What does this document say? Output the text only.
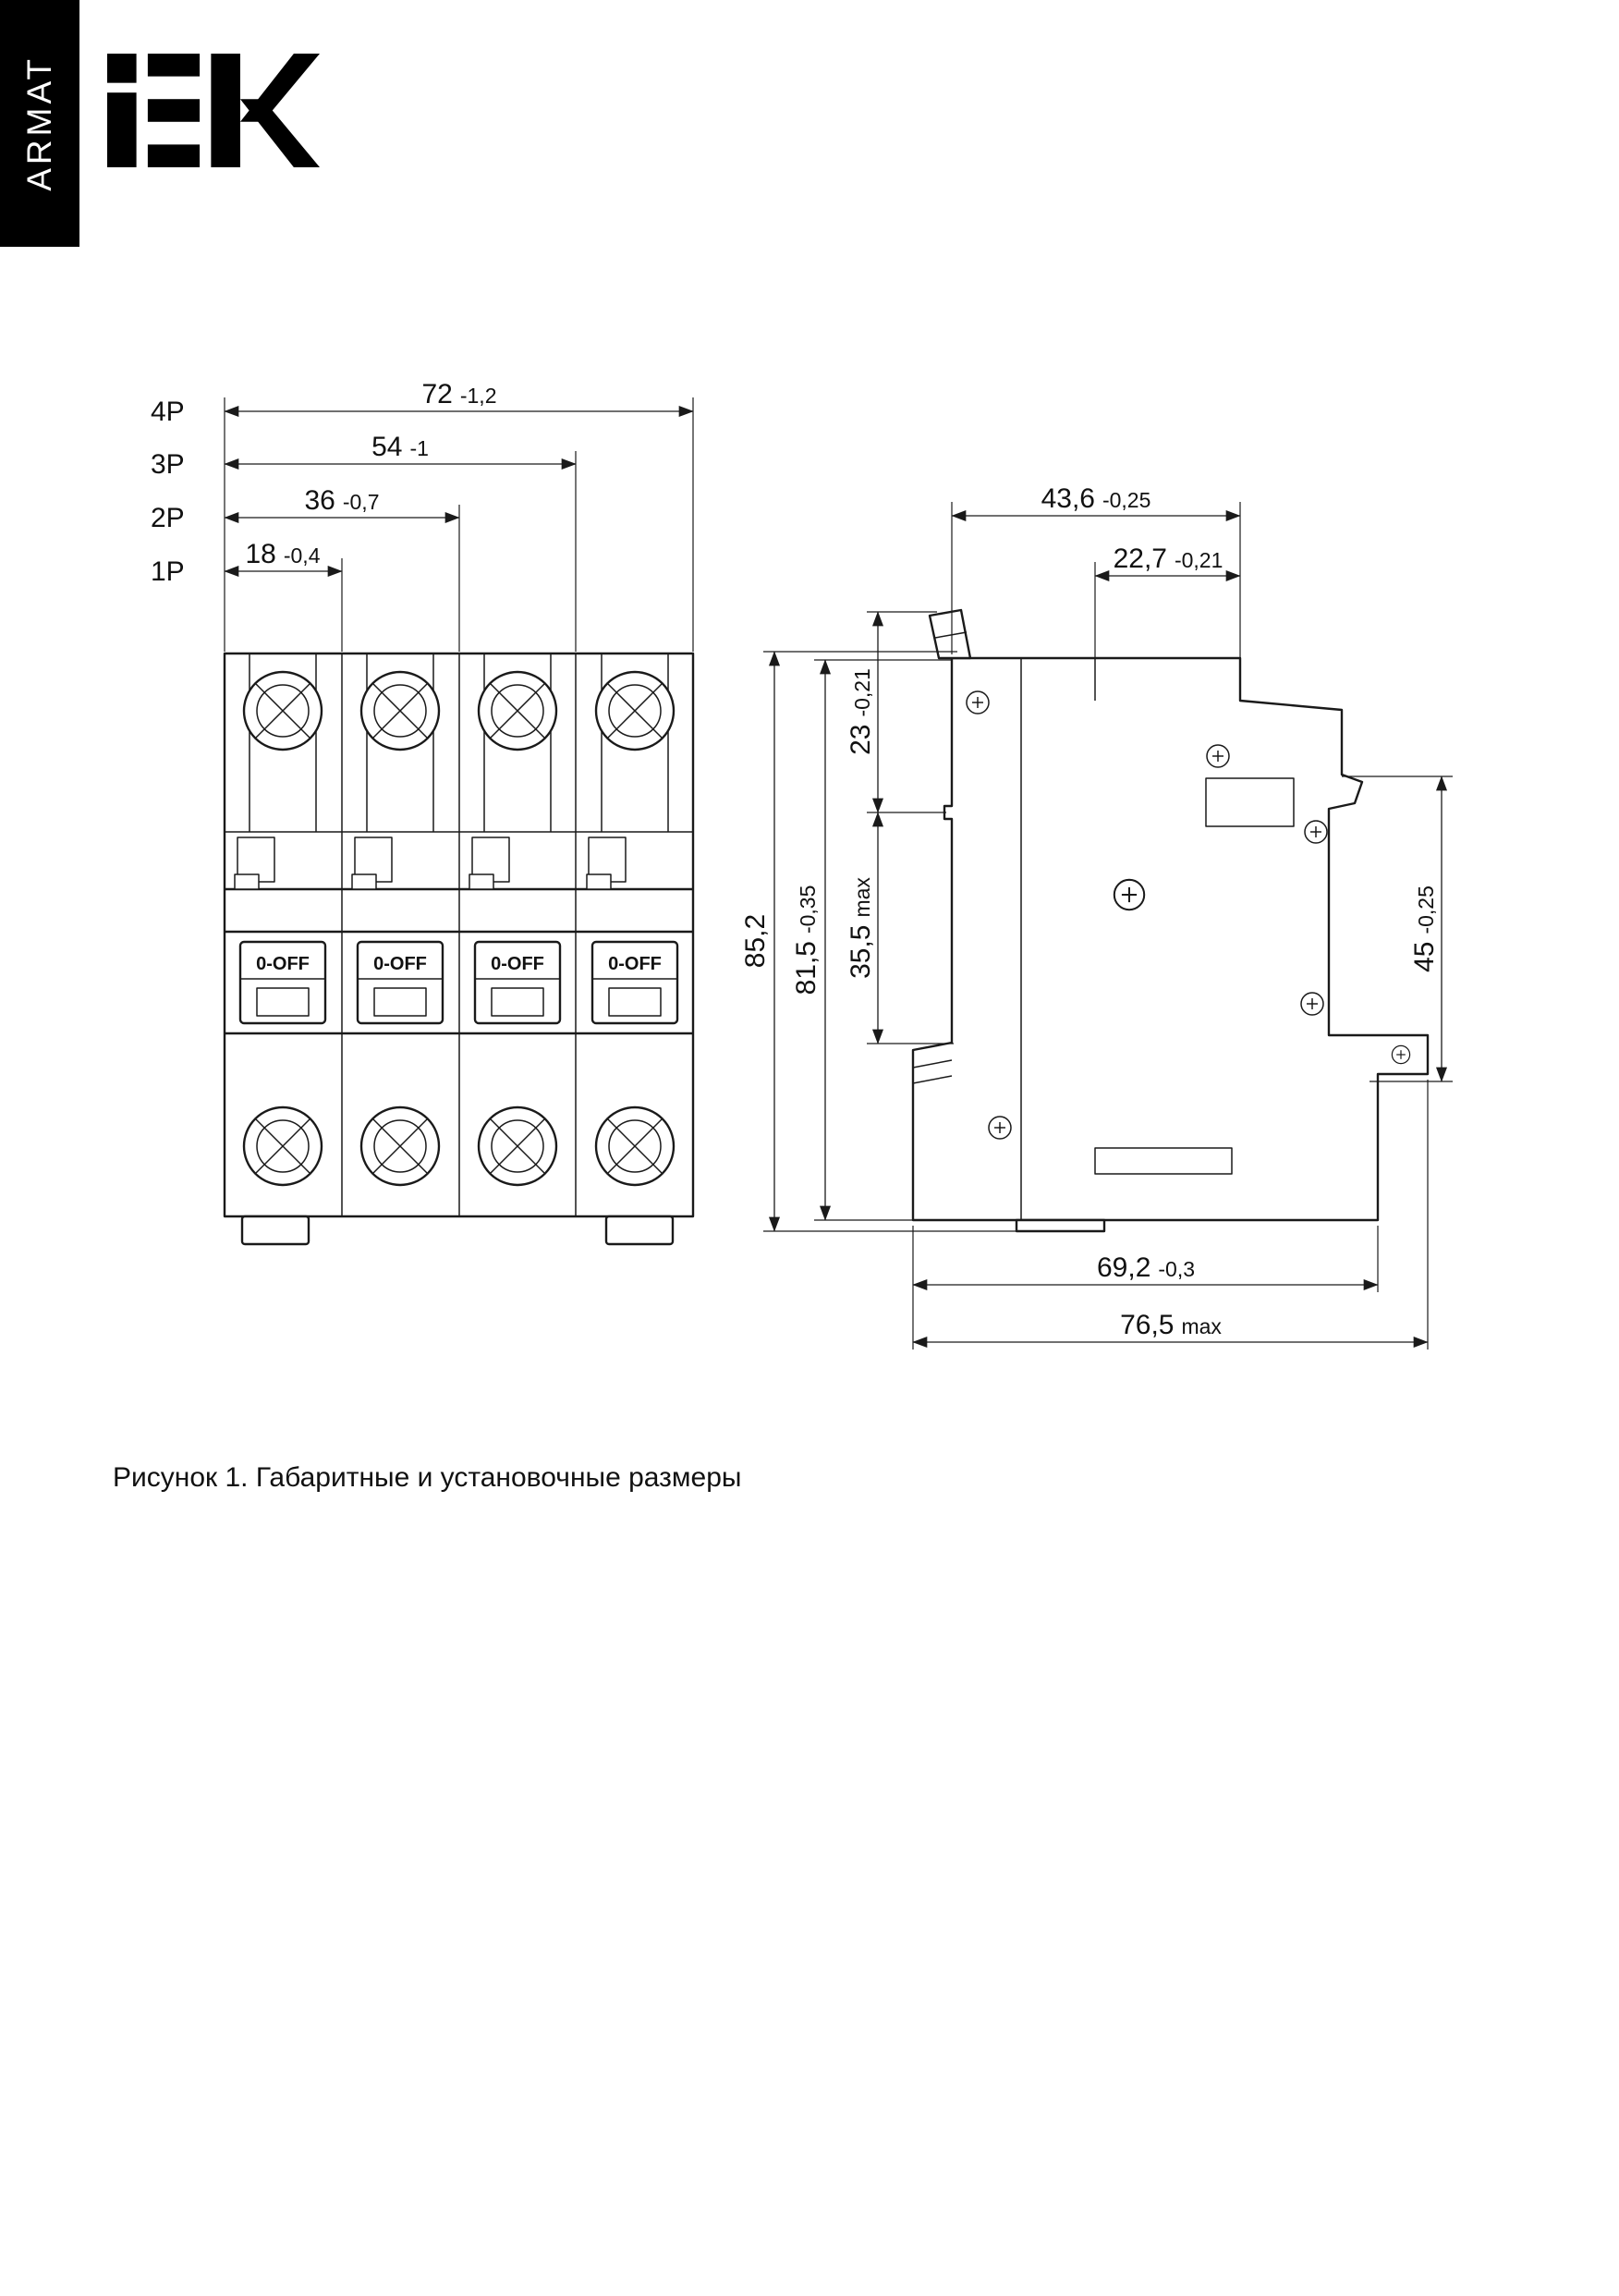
ARMAT
4P
72 -1,2
3P
54 -1
2P
36 -0,7
1P
18 -0,4
43,6 -0,25
22,7 -0,21
23-0,21
35,5max
81,5-0,35
85,2	45-0,25
69,2 -0,3
76,5 max
Рисунок 1. Габаритные и установочные размеры
